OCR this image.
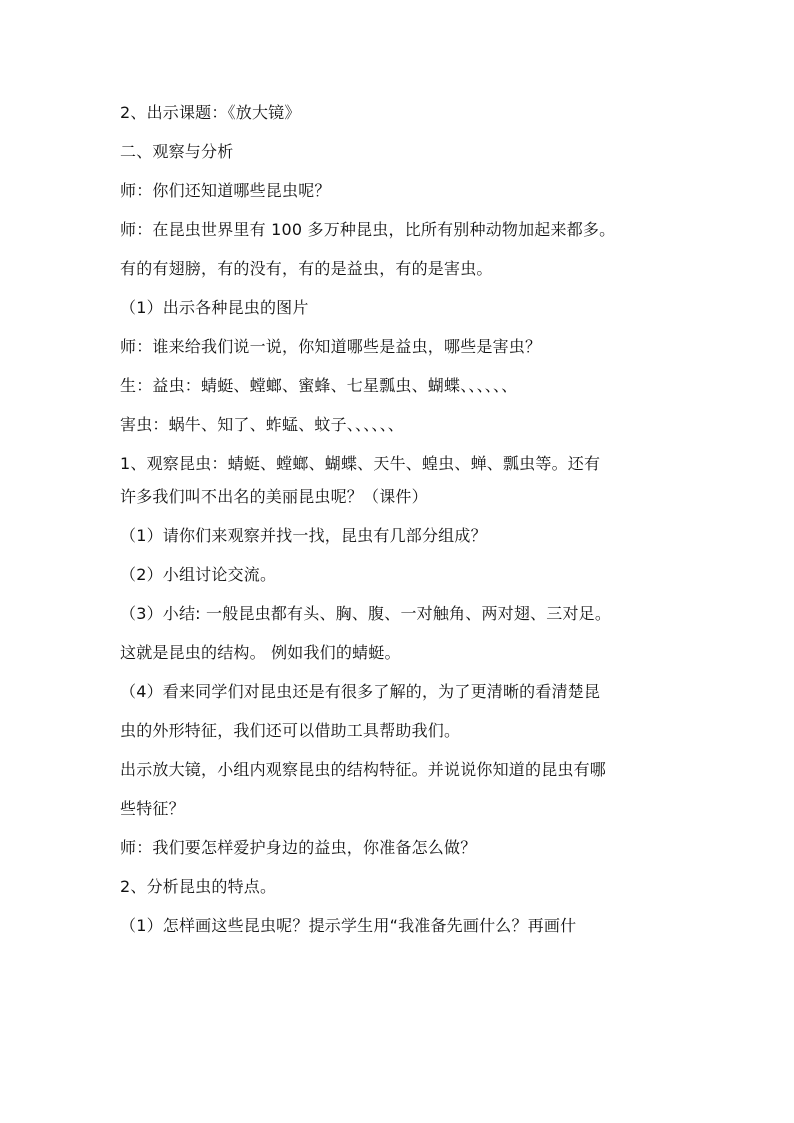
2、出示课题：《放大镜》
二、观察与分析
师：你们还知道哪些昆虫呢？
师：在昆虫世界里有 100 多万种昆虫，比所有别种动物加起来都多。
有的有翅膀，有的没有，有的是益虫，有的是害虫。
（1）出示各种昆虫的图片
师：谁来给我们说一说，你知道哪些是益虫，哪些是害虫？
生：益虫：蜻蜓、螳螂、蜜蜂、七星瓢虫、蝴蝶、、、、、、
害虫：蜗牛、知了、蚱蜢、蚊子、、、、、、
1、观察昆虫：蜻蜓、螳螂、蝴蝶、天牛、蝗虫、蝉、瓢虫等。还有
许多我们叫不出名的美丽昆虫呢？（课件）
（1）请你们来观察并找一找，昆虫有几部分组成？
（2）小组讨论交流。
（3）小结: 一般昆虫都有头、胸、腹、一对触角、两对翅、三对足。
这就是昆虫的结构。 例如我们的蜻蜓。
（4）看来同学们对昆虫还是有很多了解的，为了更清晰的看清楚昆
虫的外形特征，我们还可以借助工具帮助我们。
出示放大镜，小组内观察昆虫的结构特征。并说说你知道的昆虫有哪
些特征？
师：我们要怎样爱护身边的益虫，你准备怎么做？
2、分析昆虫的特点。
（1）怎样画这些昆虫呢？提示学生用“我准备先画什么？再画什
